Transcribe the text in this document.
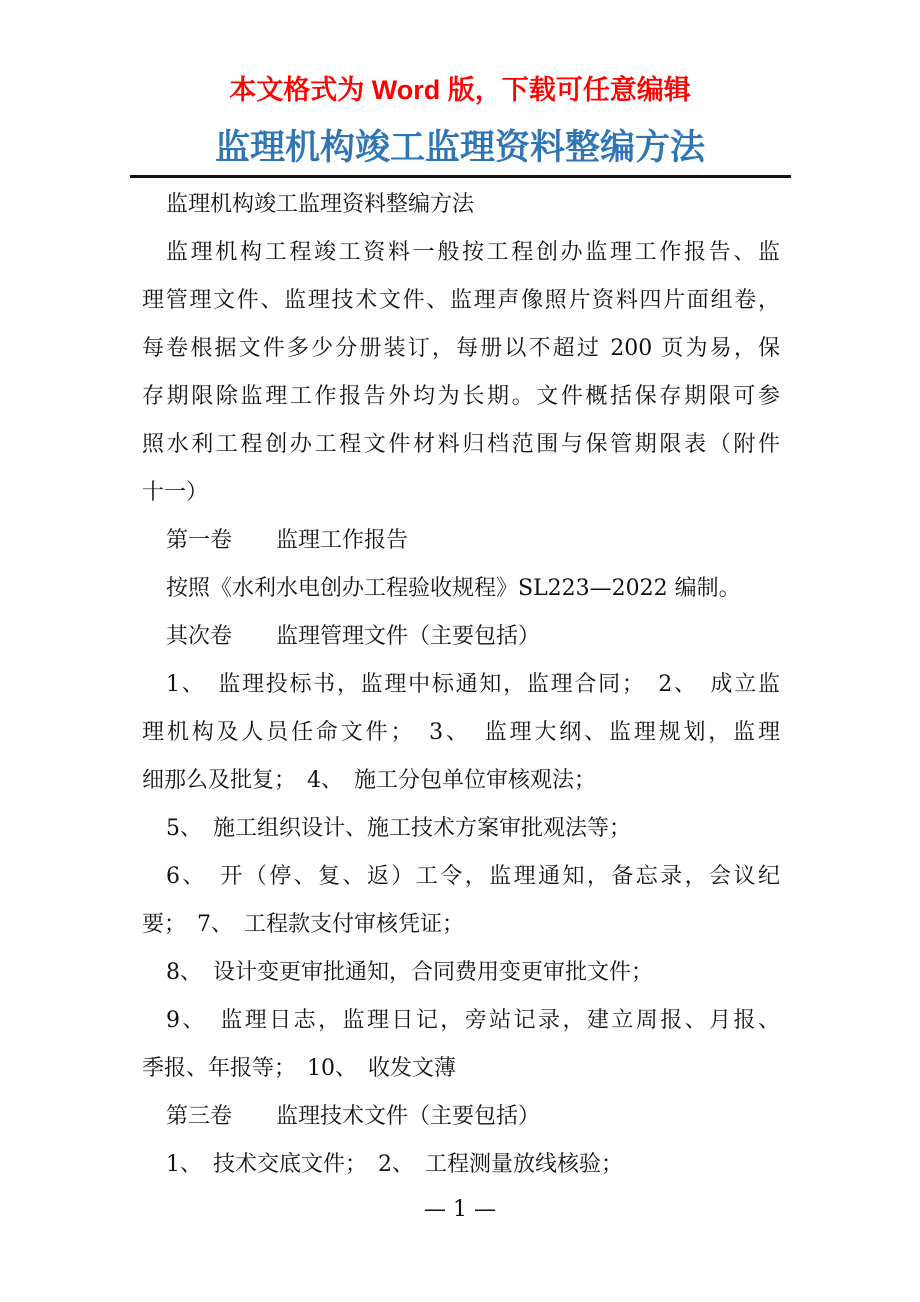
本文格式为 Word 版，下载可任意编辑
监理机构竣工监理资料整编方法
监理机构竣工监理资料整编方法
监理机构工程竣工资料一般按工程创办监理工作报告、监
理管理文件、监理技术文件、监理声像照片资料四片面组卷，
每卷根据文件多少分册装订，每册以不超过 200 页为易，保
存期限除监理工作报告外均为长期。文件概括保存期限可参
照水利工程创办工程文件材料归档范围与保管期限表（附件
十一）
第一卷　　监理工作报告
按照《水利水电创办工程验收规程》SL223—2022 编制。
其次卷　　监理管理文件（主要包括）
1、　监理投标书，监理中标通知，监理合同；　2、　成立监
理机构及人员任命文件；　3、　监理大纲、监理规划，监理
细那么及批复；　4、　施工分包单位审核观法；
5、　施工组织设计、施工技术方案审批观法等；
6、　开（停、复、返）工令，监理通知，备忘录，会议纪
要；　7、　工程款支付审核凭证；
8、　设计变更审批通知，合同费用变更审批文件；
9、　监理日志，监理日记，旁站记录，建立周报、月报、
季报、年报等；　10、　收发文薄
第三卷　　监理技术文件（主要包括）
1、　技术交底文件；　2、　工程测量放线核验；
— 1 —
